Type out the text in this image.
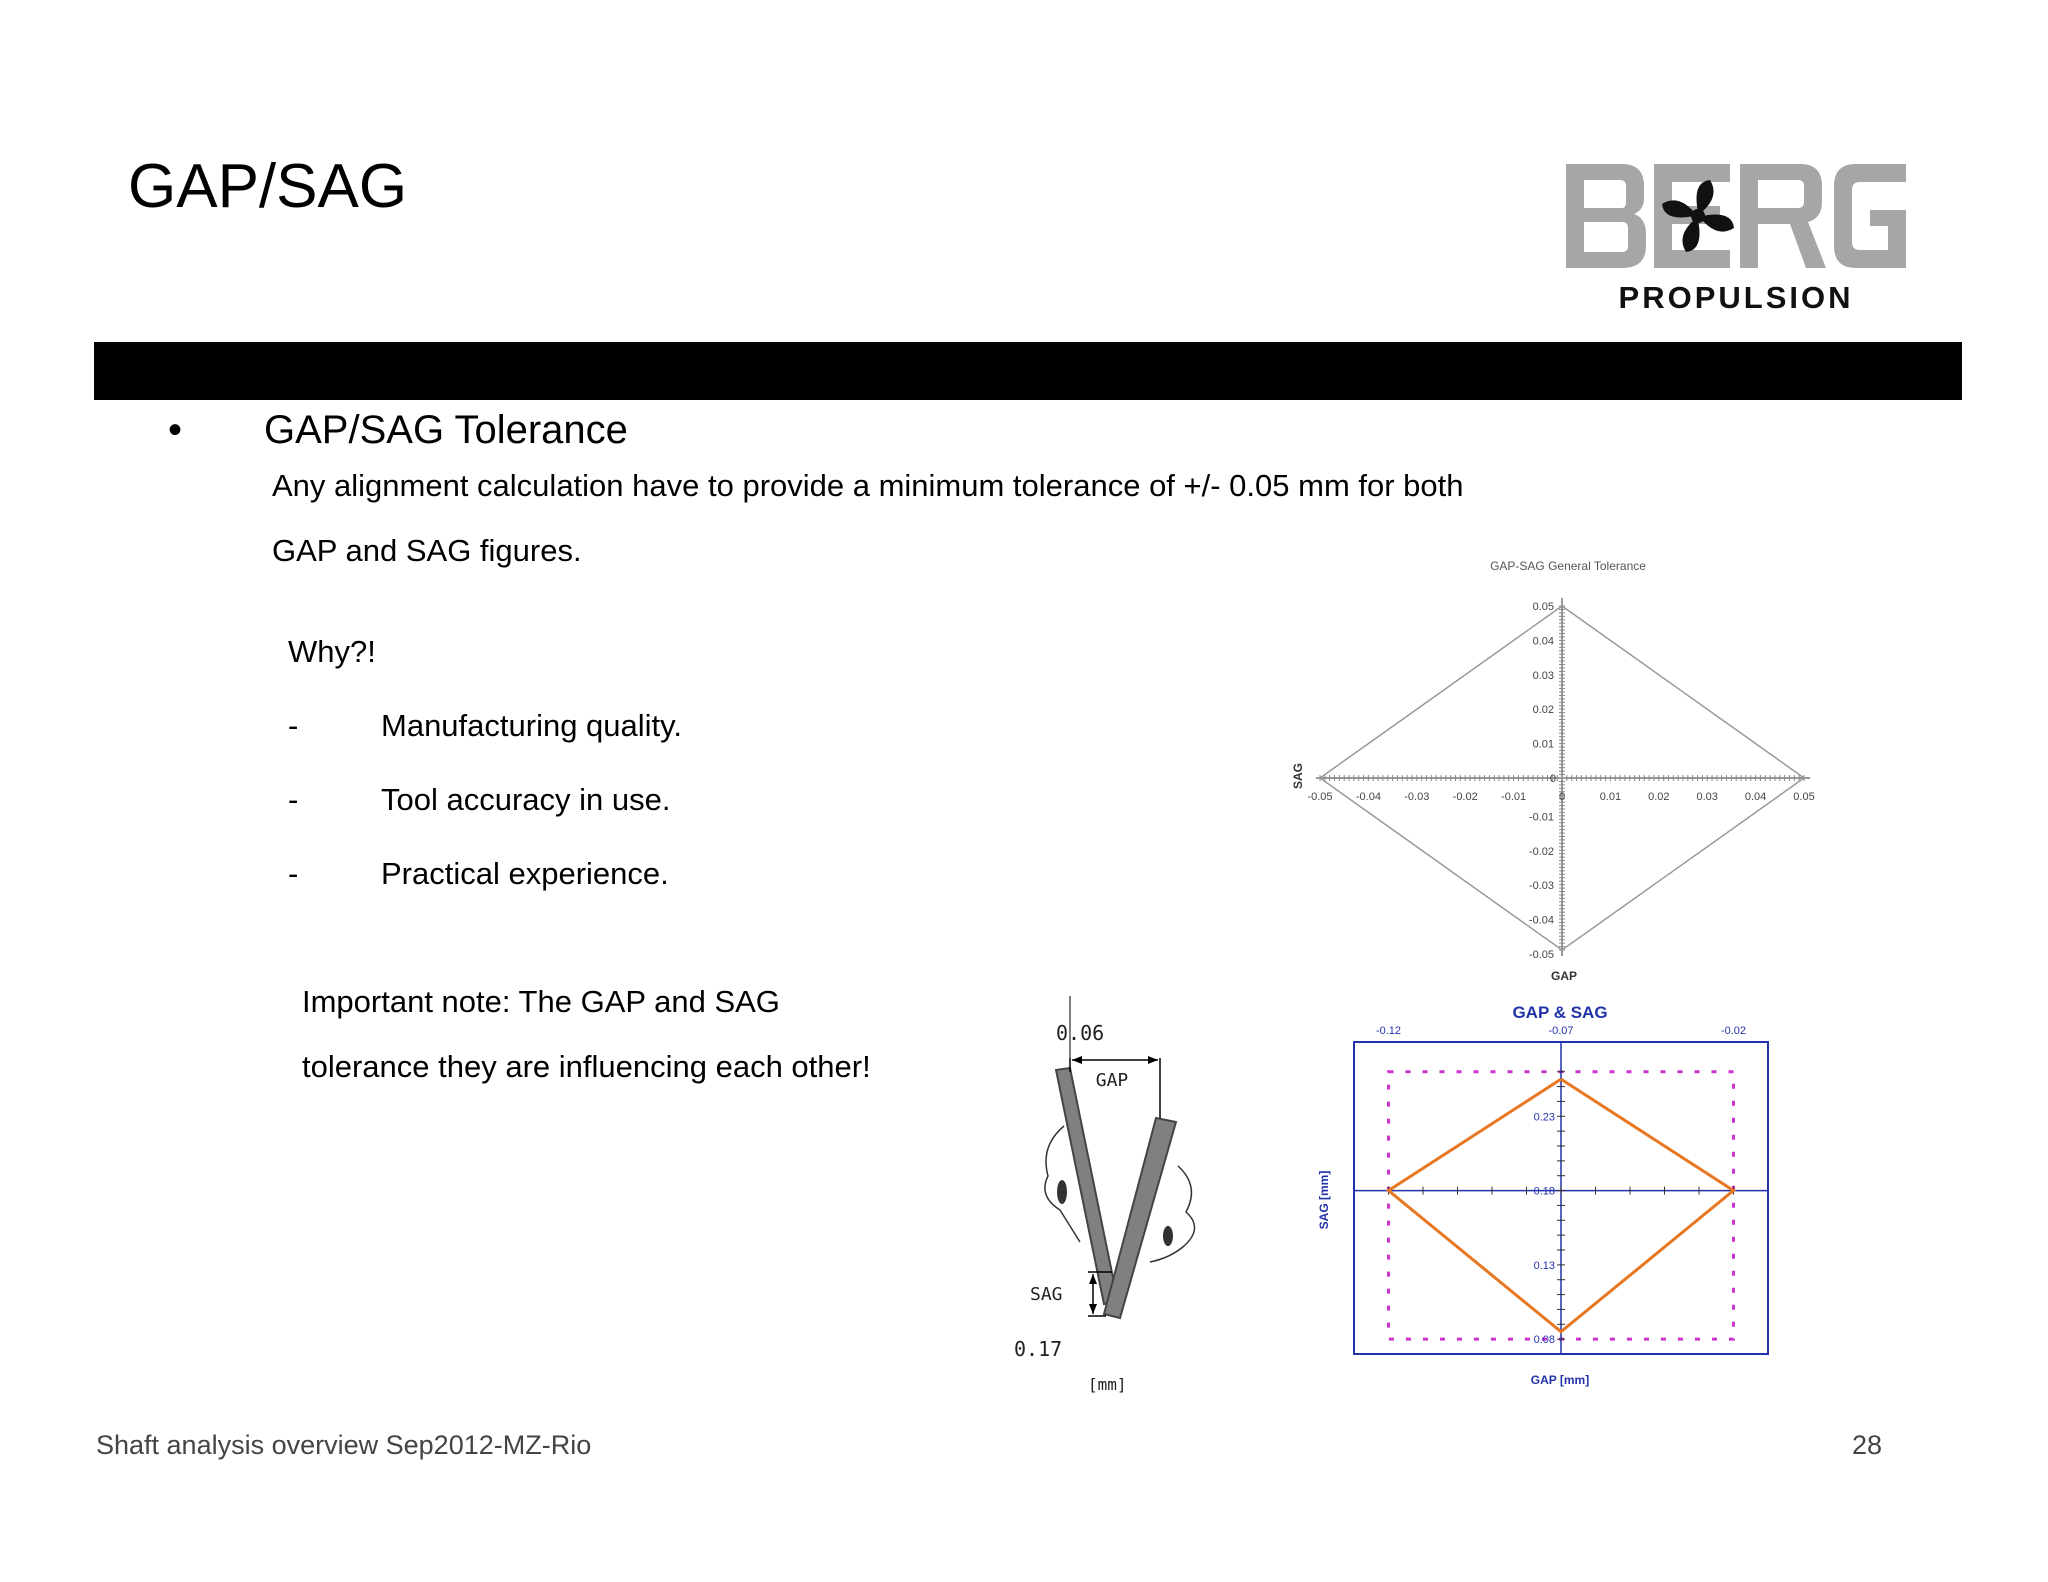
GAP/SAG
PROPULSION
• GAP/SAG Tolerance
Any alignment calculation have to provide a minimum tolerance of +/- 0.05 mm for both
GAP and SAG figures.
Why?!
-	Manufacturing quality.
-	Tool accuracy in use.
-	Practical experience.
Important note: The GAP and SAG
tolerance they are influencing each other!
0.06
GAP
SAG
0.17
[mm]
GAP-SAG General Tolerance
-0.05 -0.04 -0.03 -0.02 -0.01	0	0.01 0.02 0.03 0.04 0.05
0.05
0.04
0.03
0.02
0.01
0
-0.01
-0.02
-0.03
-0.04
-0.05
GAP
SAG
GAP & SAG
-0.12	-0.07	-0.02
0.23
0.18
0.13
0.08
GAP [mm]
SAG [mm]
Shaft analysis overview Sep2012-MZ-Rio	28
